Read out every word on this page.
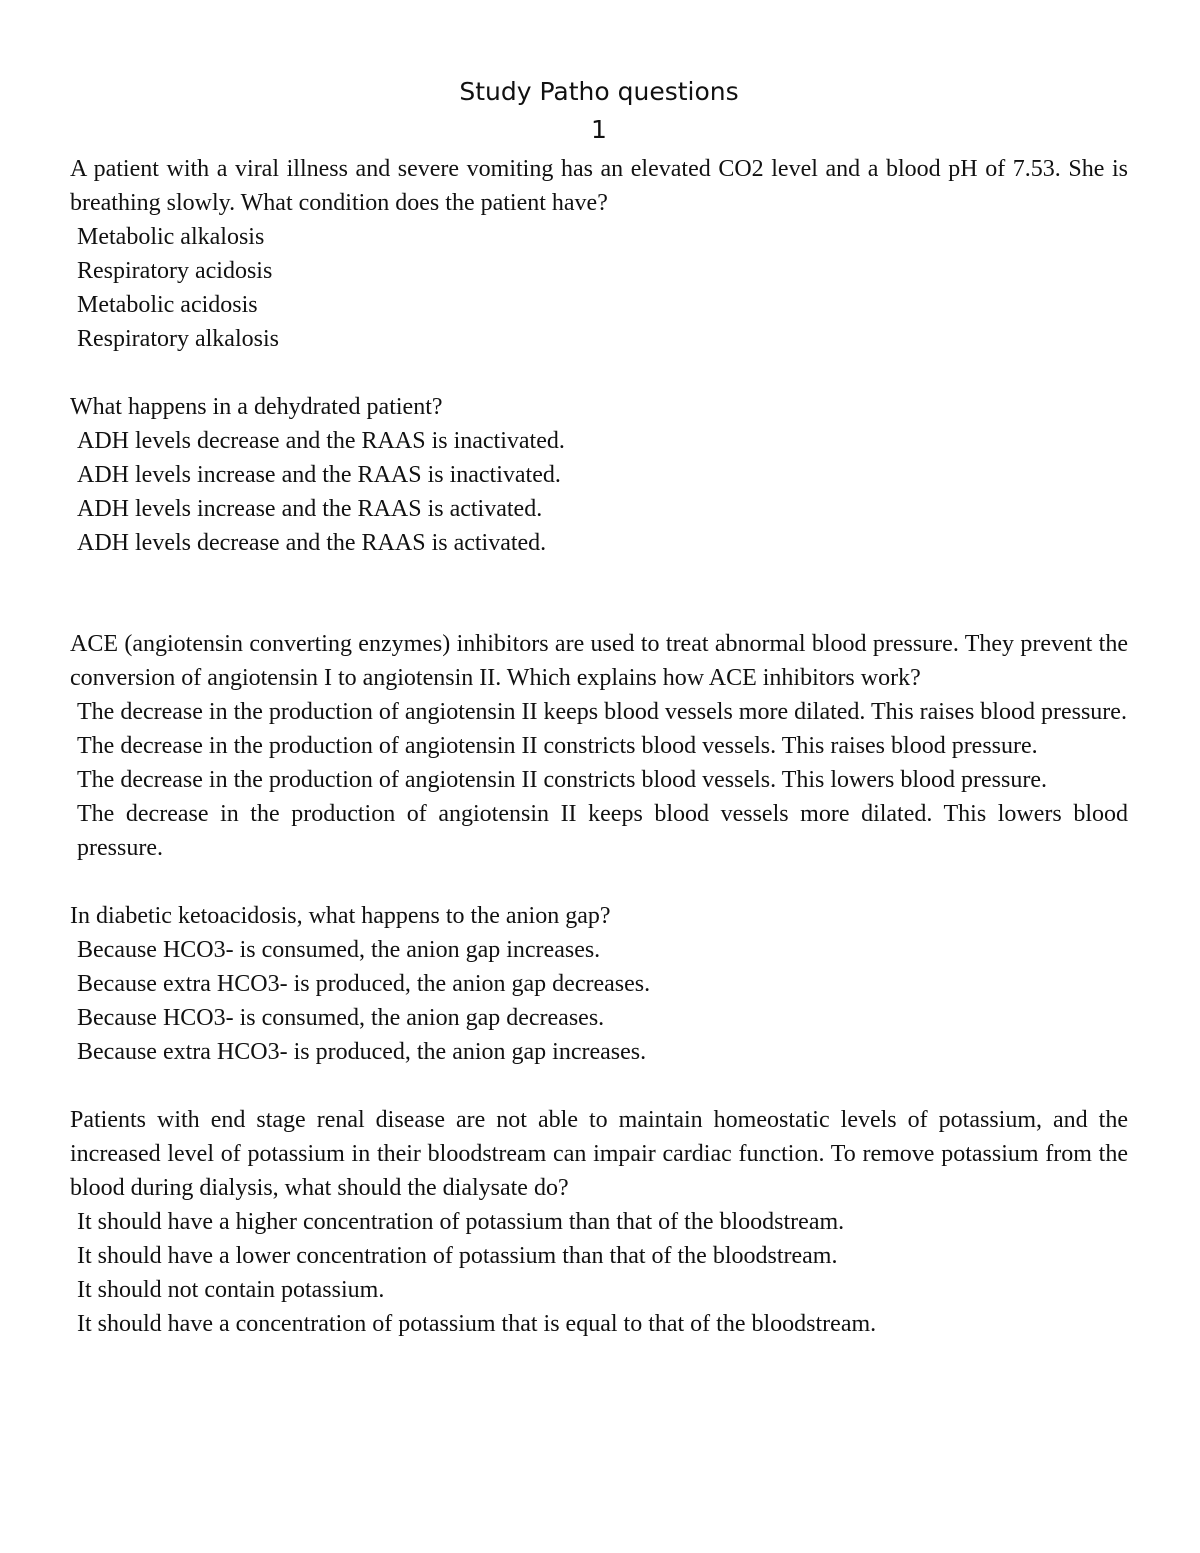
Study Patho questions
1

A patient with a viral illness and severe vomiting has an elevated CO2 level and a blood pH of 7.53. She is breathing slowly. What condition does the patient have?

Metabolic alkalosis
Respiratory acidosis
Metabolic acidosis
Respiratory alkalosis

What happens in a dehydrated patient?

ADH levels decrease and the RAAS is inactivated.
ADH levels increase and the RAAS is inactivated.
ADH levels increase and the RAAS is activated.
ADH levels decrease and the RAAS is activated.

ACE (angiotensin converting enzymes) inhibitors are used to treat abnormal blood pressure. They prevent the conversion of angiotensin I to angiotensin II. Which explains how ACE inhibitors work?

The decrease in the production of angiotensin II keeps blood vessels more dilated. This raises blood pressure.
The decrease in the production of angiotensin II constricts blood vessels. This raises blood pressure.
The decrease in the production of angiotensin II constricts blood vessels. This lowers blood pressure.
The decrease in the production of angiotensin II keeps blood vessels more dilated. This lowers blood pressure.

In diabetic ketoacidosis, what happens to the anion gap?

Because HCO3- is consumed, the anion gap increases.
Because extra HCO3- is produced, the anion gap decreases.
Because HCO3- is consumed, the anion gap decreases.
Because extra HCO3- is produced, the anion gap increases.

Patients with end stage renal disease are not able to maintain homeostatic levels of potassium, and the increased level of potassium in their bloodstream can impair cardiac function. To remove potassium from the blood during dialysis, what should the dialysate do?

It should have a higher concentration of potassium than that of the bloodstream.
It should have a lower concentration of potassium than that of the bloodstream.
It should not contain potassium.
It should have a concentration of potassium that is equal to that of the bloodstream.
